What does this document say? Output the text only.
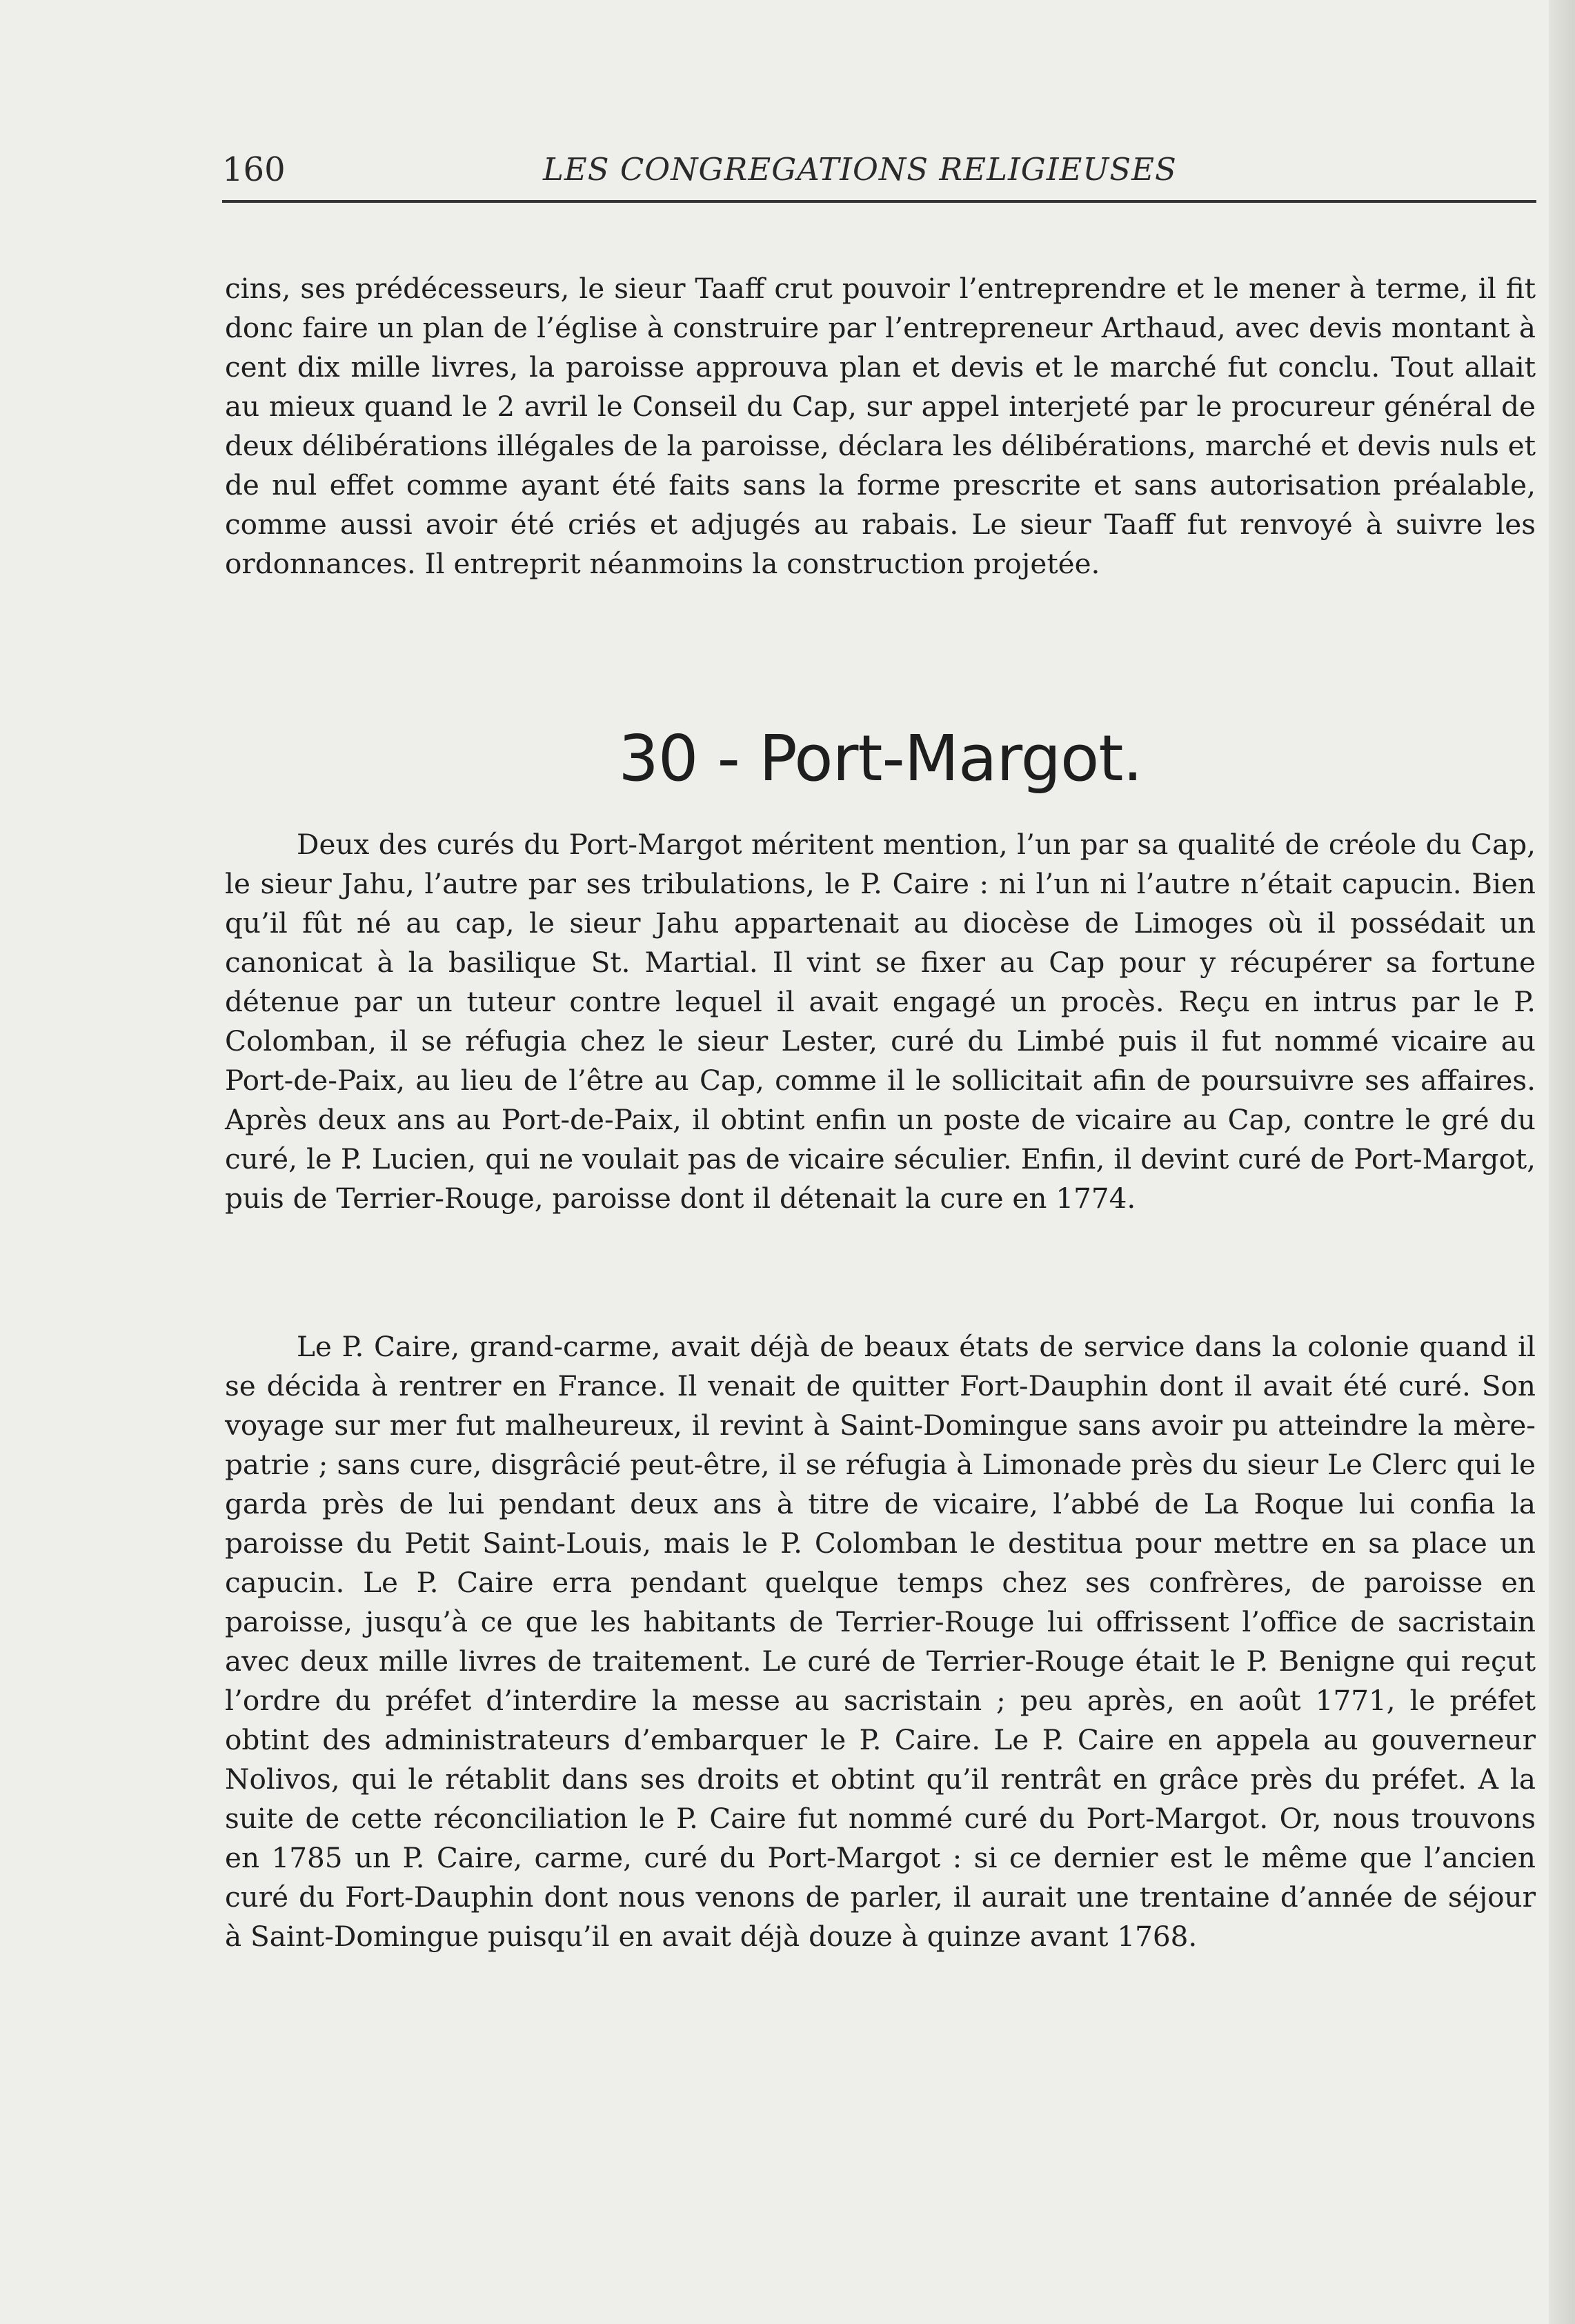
160	LES CONGREGATIONS RELIGIEUSES

cins, ses prédécesseurs, le sieur Taaff crut pouvoir l’entreprendre et le mener à terme, il fit donc faire un plan de l’église à construire par l’entrepreneur Arthaud, avec devis montant à cent dix mille livres, la paroisse approuva plan et devis et le marché fut conclu. Tout allait au mieux quand le 2 avril le Conseil du Cap, sur appel interjeté par le procureur général de deux délibérations illégales de la paroisse, déclara les délibérations, marché et devis nuls et de nul effet comme ayant été faits sans la forme prescrite et sans autorisation préalable, comme aussi avoir été criés et adjugés au rabais. Le sieur Taaff fut renvoyé à suivre les ordonnances. Il entreprit néanmoins la construction projetée.

30 - Port-Margot.

Deux des curés du Port-Margot méritent mention, l’un par sa qualité de créole du Cap, le sieur Jahu, l’autre par ses tribulations, le P. Caire : ni l’un ni l’autre n’était capucin. Bien qu’il fût né au cap, le sieur Jahu appartenait au diocèse de Limoges où il possédait un canonicat à la basilique St. Martial. Il vint se fixer au Cap pour y récupérer sa fortune détenue par un tuteur contre lequel il avait engagé un procès. Reçu en intrus par le P. Colomban, il se réfugia chez le sieur Lester, curé du Limbé puis il fut nommé vicaire au Port-de-Paix, au lieu de l’être au Cap, comme il le sollicitait afin de poursuivre ses affaires. Après deux ans au Port-de-Paix, il obtint enfin un poste de vicaire au Cap, contre le gré du curé, le P. Lucien, qui ne voulait pas de vicaire séculier. Enfin, il devint curé de Port-Margot, puis de Terrier-Rouge, paroisse dont il détenait la cure en 1774.

Le P. Caire, grand-carme, avait déjà de beaux états de service dans la colonie quand il se décida à rentrer en France. Il venait de quitter Fort-Dauphin dont il avait été curé. Son voyage sur mer fut malheureux, il revint à Saint-Domingue sans avoir pu atteindre la mère-patrie ; sans cure, disgrâcié peut-être, il se réfugia à Limonade près du sieur Le Clerc qui le garda près de lui pendant deux ans à titre de vicaire, l’abbé de La Roque lui confia la paroisse du Petit Saint-Louis, mais le P. Colomban le destitua pour mettre en sa place un capucin. Le P. Caire erra pendant quelque temps chez ses confrères, de paroisse en paroisse, jusqu’à ce que les habitants de Terrier-Rouge lui offrissent l’office de sacristain avec deux mille livres de traitement. Le curé de Terrier-Rouge était le P. Benigne qui reçut l’ordre du préfet d’interdire la messe au sacristain ; peu après, en août 1771, le préfet obtint des administrateurs d’embarquer le P. Caire. Le P. Caire en appela au gouverneur Nolivos, qui le rétablit dans ses droits et obtint qu’il rentrât en grâce près du préfet. A la suite de cette réconciliation le P. Caire fut nommé curé du Port-Margot. Or, nous trouvons en 1785 un P. Caire, carme, curé du Port-Margot : si ce dernier est le même que l’ancien curé du Fort-Dauphin dont nous venons de parler, il aurait une trentaine d’année de séjour à Saint-Domingue puisqu’il en avait déjà douze à quinze avant 1768.
